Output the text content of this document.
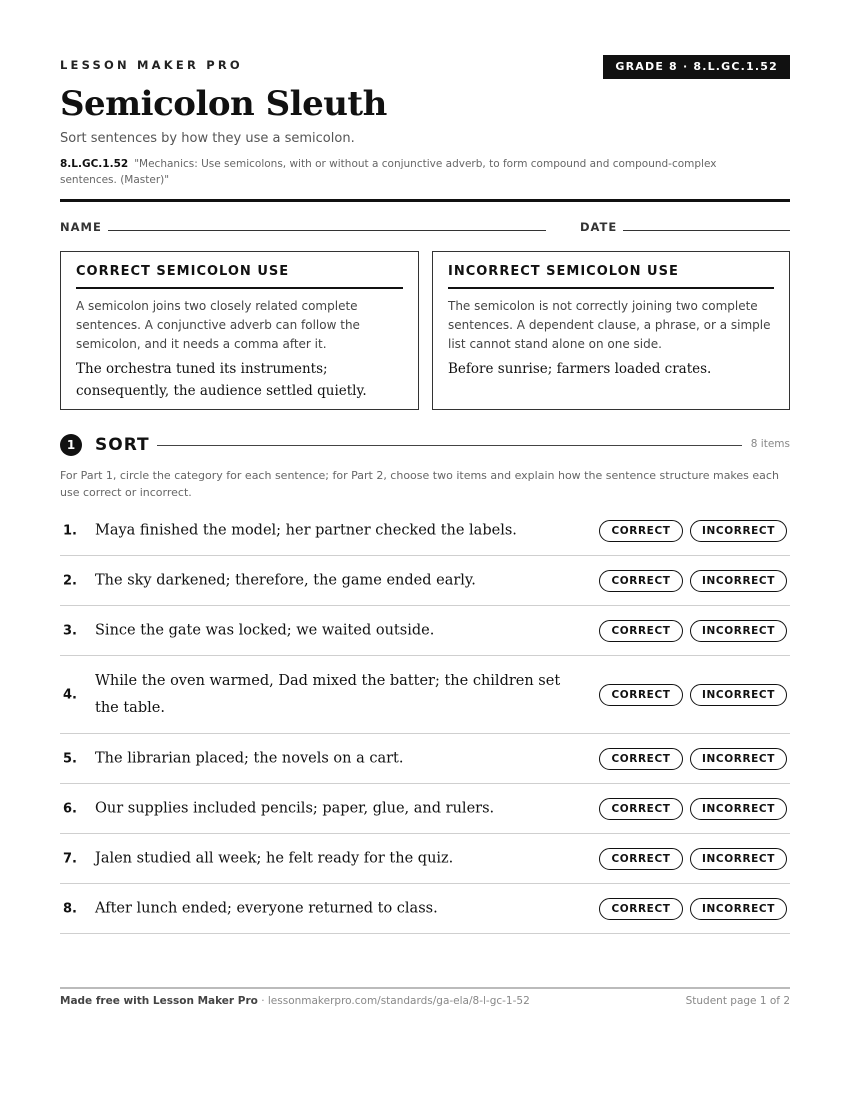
LESSON MAKER PRO	GRADE 8 · 8.L.GC.1.52
Semicolon Sleuth
Sort sentences by how they use a semicolon.
8.L.GC.1.52 "Mechanics: Use semicolons, with or without a conjunctive adverb, to form compound and compound-complex sentences. (Master)"
NAME	DATE
CORRECT SEMICOLON USE
A semicolon joins two closely related complete sentences. A conjunctive adverb can follow the semicolon, and it needs a comma after it.
The orchestra tuned its instruments; consequently, the audience settled quietly.
INCORRECT SEMICOLON USE
The semicolon is not correctly joining two complete sentences. A dependent clause, a phrase, or a simple list cannot stand alone on one side.
Before sunrise; farmers loaded crates.
1	SORT	8 items
For Part 1, circle the category for each sentence; for Part 2, choose two items and explain how the sentence structure makes each use correct or incorrect.
1. Maya finished the model; her partner checked the labels.	CORRECT	INCORRECT
2. The sky darkened; therefore, the game ended early.	CORRECT	INCORRECT
3. Since the gate was locked; we waited outside.	CORRECT	INCORRECT
4.
While the oven warmed, Dad mixed the batter; the children set the table.
CORRECT	INCORRECT
5. The librarian placed; the novels on a cart.	CORRECT	INCORRECT
6. Our supplies included pencils; paper, glue, and rulers.	CORRECT	INCORRECT
7. Jalen studied all week; he felt ready for the quiz.	CORRECT	INCORRECT
8. After lunch ended; everyone returned to class.	CORRECT	INCORRECT
Made free with Lesson Maker Pro · lessonmakerpro.com/standards/ga-ela/8-l-gc-1-52	Student page 1 of 2
